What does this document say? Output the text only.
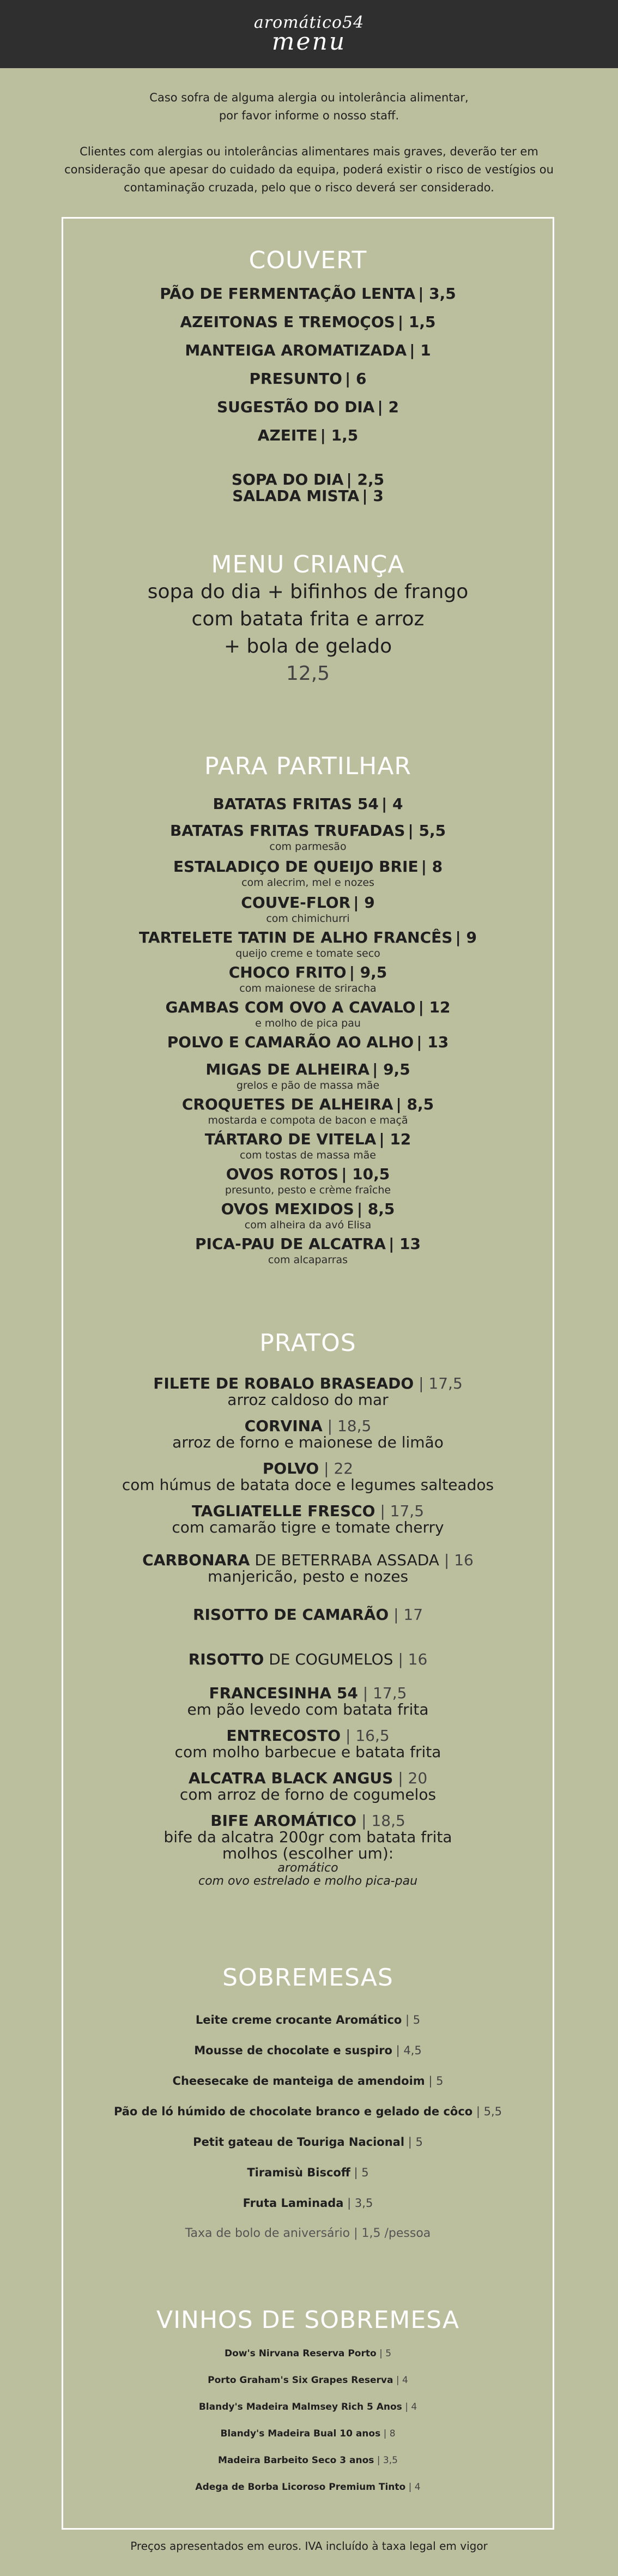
aromático54
menu

Caso sofra de alguma alergia ou intolerância alimentar,
por favor informe o nosso staff.

Clientes com alergias ou intolerâncias alimentares mais graves, deverão ter em
consideração que apesar do cuidado da equipa, poderá existir o risco de vestígios ou
contaminação cruzada, pelo que o risco deverá ser considerado.

COUVERT
PÃO DE FERMENTAÇÃO LENTA | 3,5
AZEITONAS E TREMOÇOS | 1,5
MANTEIGA AROMATIZADA | 1
PRESUNTO | 6
SUGESTÃO DO DIA | 2
AZEITE | 1,5
SOPA DO DIA | 2,5
SALADA MISTA | 3
MENU CRIANÇA
sopa do dia + bifinhos de frango
com batata frita e arroz
+ bola de gelado
12,5
PARA PARTILHAR
BATATAS FRITAS 54 | 4
BATATAS FRITAS TRUFADAS | 5,5
com parmesão
ESTALADIÇO DE QUEIJO BRIE | 8
com alecrim, mel e nozes
COUVE-FLOR | 9
com chimichurri
TARTELETE TATIN DE ALHO FRANCÊS | 9
queijo creme e tomate seco
CHOCO FRITO | 9,5
com maionese de sriracha
GAMBAS COM OVO A CAVALO | 12
e molho de pica pau
POLVO E CAMARÃO AO ALHO | 13
MIGAS DE ALHEIRA | 9,5
grelos e pão de massa mãe
CROQUETES DE ALHEIRA | 8,5
mostarda e compota de bacon e maçã
TÁRTARO DE VITELA | 12
com tostas de massa mãe
OVOS ROTOS | 10,5
presunto, pesto e crème fraîche
OVOS MEXIDOS | 8,5
com alheira da avó Elisa
PICA-PAU DE ALCATRA | 13
com alcaparras
PRATOS
FILETE DE ROBALO BRASEADO | 17,5
arroz caldoso do mar
CORVINA | 18,5
arroz de forno e maionese de limão
POLVO | 22
com húmus de batata doce e legumes salteados
TAGLIATELLE FRESCO | 17,5
com camarão tigre e tomate cherry
CARBONARA DE BETERRABA ASSADA | 16
manjericão, pesto e nozes
RISOTTO DE CAMARÃO | 17
RISOTTO DE COGUMELOS | 16
FRANCESINHA 54 | 17,5
em pão levedo com batata frita
ENTRECOSTO | 16,5
com molho barbecue e batata frita
ALCATRA BLACK ANGUS | 20
com arroz de forno de cogumelos
BIFE AROMÁTICO | 18,5
bife da alcatra 200gr com batata frita
molhos (escolher um):
aromático
com ovo estrelado e molho pica-pau
SOBREMESAS
Leite creme crocante Aromático | 5
Mousse de chocolate e suspiro | 4,5
Cheesecake de manteiga de amendoim | 5
Pão de ló húmido de chocolate branco e gelado de côco | 5,5
Petit gateau de Touriga Nacional | 5
Tiramisù Biscoff | 5
Fruta Laminada | 3,5
Taxa de bolo de aniversário | 1,5 /pessoa
VINHOS DE SOBREMESA
Dow's Nirvana Reserva Porto | 5
Porto Graham's Six Grapes Reserva | 4
Blandy's Madeira Malmsey Rich 5 Anos | 4
Blandy's Madeira Bual 10 anos | 8
Madeira Barbeito Seco 3 anos | 3,5
Adega de Borba Licoroso Premium Tinto | 4
Preços apresentados em euros. IVA incluído à taxa legal em vigor
